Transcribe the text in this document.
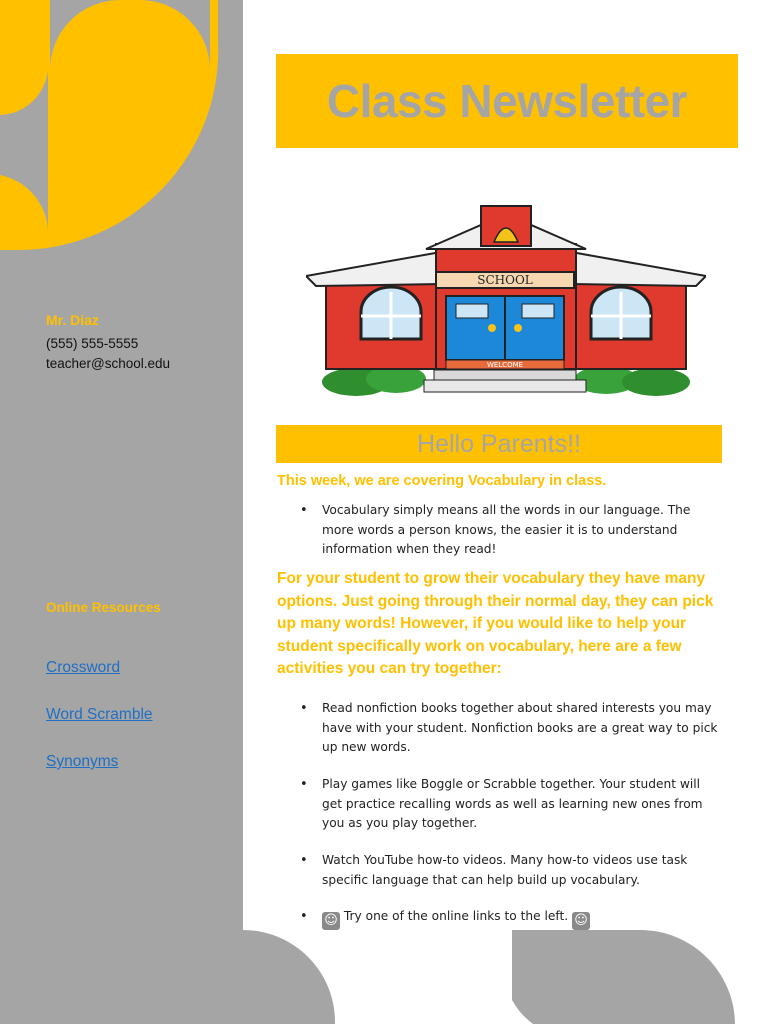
Mr. Diaz
(555) 555-5555
teacher@school.edu
Online Resources
Crossword
Word Scramble
Synonyms
Class Newsletter
SCHOOL
WELCOME
Hello Parents!!
This week, we are covering Vocabulary in class.
• Vocabulary simply means all the words in our language. The more words a person knows, the easier it is to understand information when they read!
For your student to grow their vocabulary they have many options. Just going through their normal day, they can pick up many words! However, if you would like to help your student specifically work on vocabulary, here are a few activities you can try together:
• Read nonfiction books together about shared interests you may have with your student. Nonfiction books are a great way to pick up new words.
• Play games like Boggle or Scrabble together. Your student will get practice recalling words as well as learning new ones from you as you play together.
• Watch YouTube how-to videos. Many how-to videos use task specific language that can help build up vocabulary.
• ☺ Try one of the online links to the left. ☺
